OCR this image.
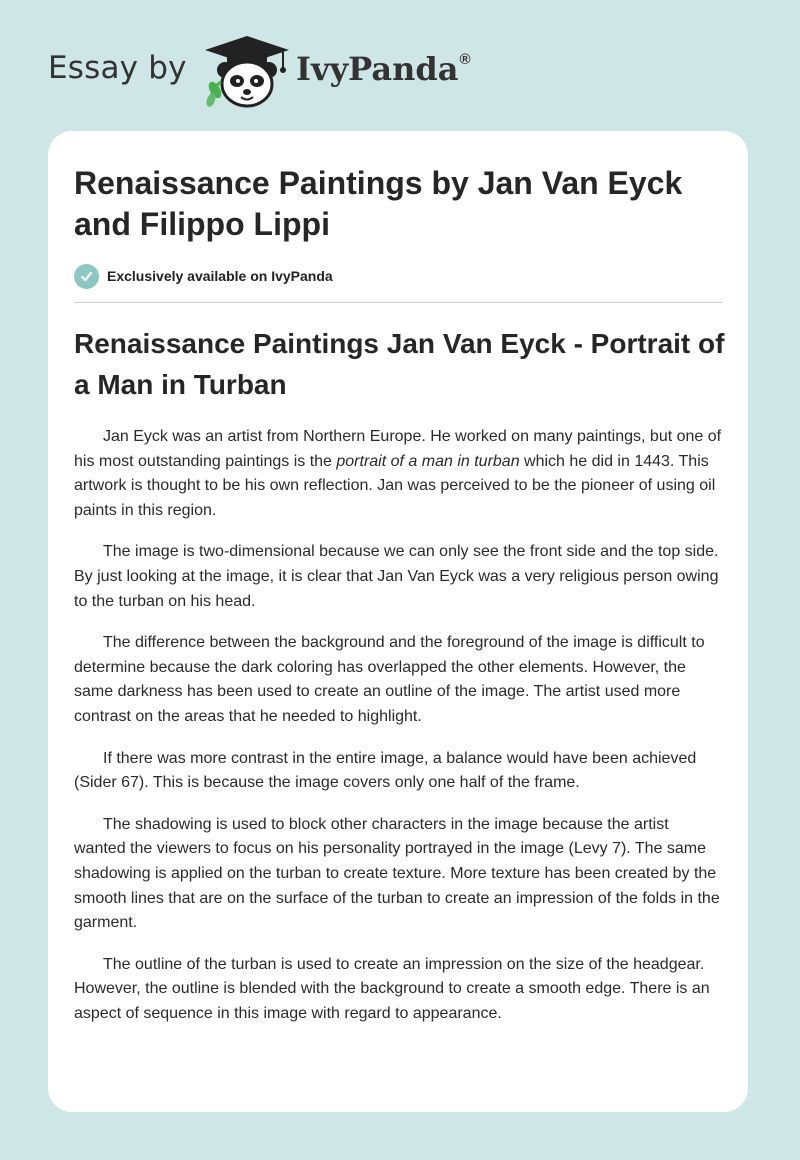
Essay by	IvyPanda®
Renaissance Paintings by Jan Van Eyck and Filippo Lippi
Exclusively available on IvyPanda
Renaissance Paintings Jan Van Eyck - Portrait of a Man in Turban

Jan Eyck was an artist from Northern Europe. He worked on many paintings, but one of his most outstanding paintings is the portrait of a man in turban which he did in 1443. This artwork is thought to be his own reflection. Jan was perceived to be the pioneer of using oil paints in this region.

The image is two-dimensional because we can only see the front side and the top side. By just looking at the image, it is clear that Jan Van Eyck was a very religious person owing to the turban on his head.

The difference between the background and the foreground of the image is difficult to determine because the dark coloring has overlapped the other elements. However, the same darkness has been used to create an outline of the image. The artist used more contrast on the areas that he needed to highlight.

If there was more contrast in the entire image, a balance would have been achieved (Sider 67). This is because the image covers only one half of the frame.

The shadowing is used to block other characters in the image because the artist wanted the viewers to focus on his personality portrayed in the image (Levy 7). The same shadowing is applied on the turban to create texture. More texture has been created by the smooth lines that are on the surface of the turban to create an impression of the folds in the garment.

The outline of the turban is used to create an impression on the size of the headgear. However, the outline is blended with the background to create a smooth edge. There is an aspect of sequence in this image with regard to appearance.
